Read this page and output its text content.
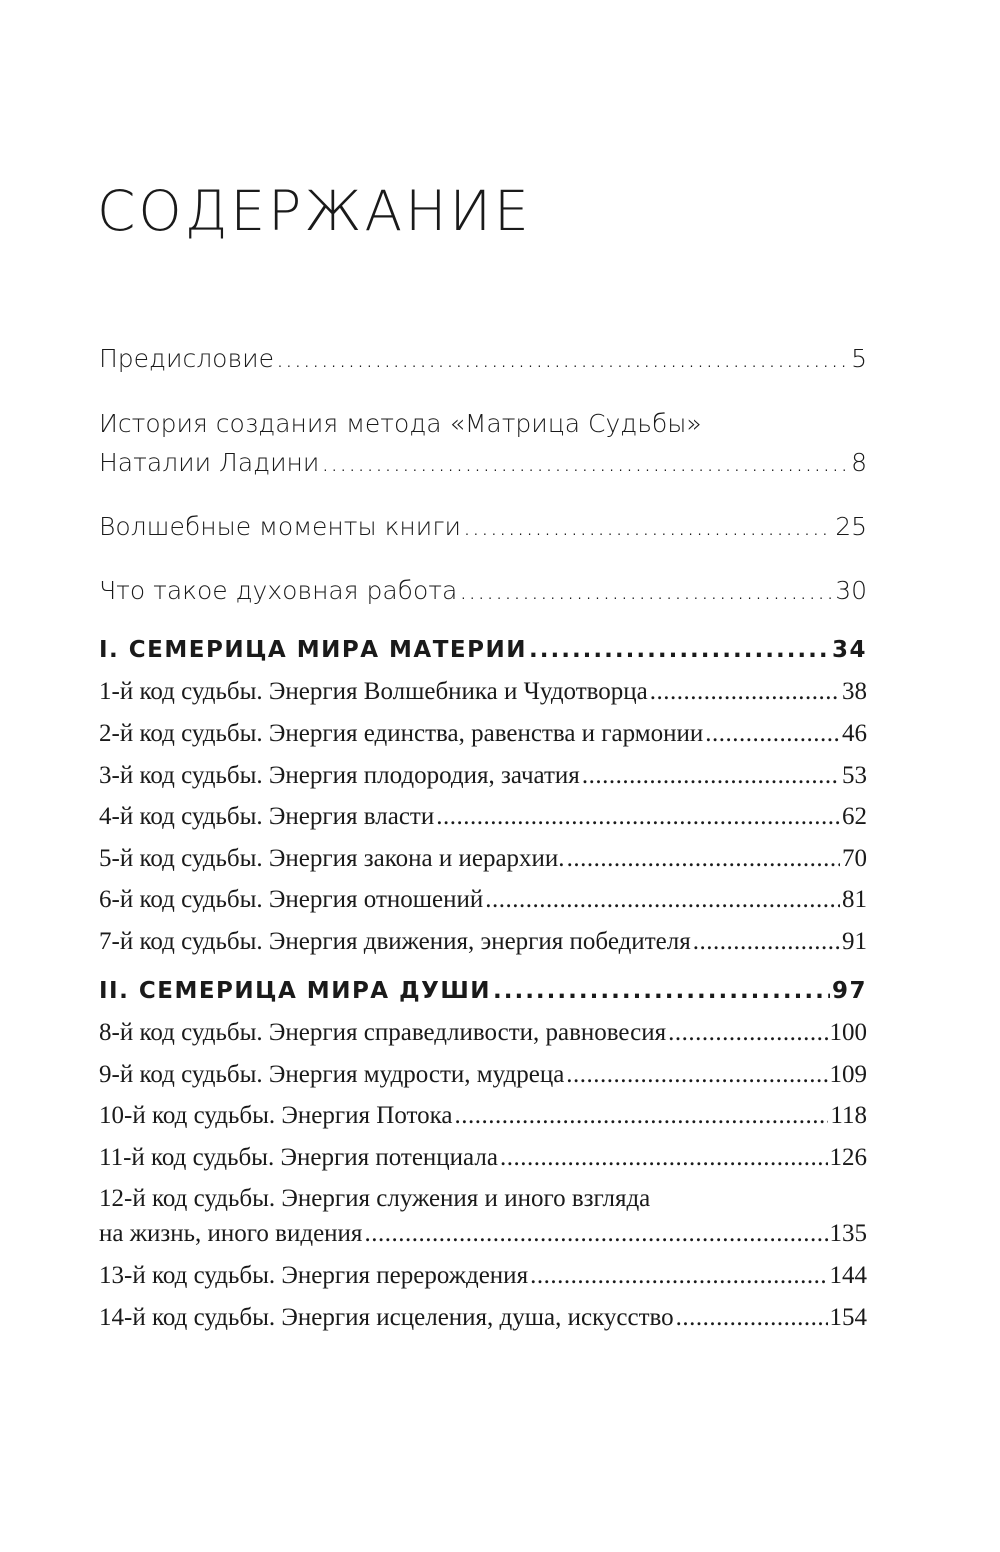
СОДЕРЖАНИЕ
Предисловие .....	5
История создания метода «Матрица Судьбы»
Наталии Ладини .....	8
Волшебные моменты книги .....	25
Что такое духовная работа .....	30
I. СЕМЕРИЦА МИРА МАТЕРИИ .....	34
1-й код судьбы. Энергия Волшебника и Чудотворца .....	38
2-й код судьбы. Энергия единства, равенства и гармонии .....	46
3-й код судьбы. Энергия плодородия, зачатия .....	53
4-й код судьбы. Энергия власти .....	62
5-й код судьбы. Энергия закона и иерархии. .....	70
6-й код судьбы. Энергия отношений .....	81
7-й код судьбы. Энергия движения, энергия победителя .....	91
II. СЕМЕРИЦА МИРА ДУШИ .....	97
8-й код судьбы. Энергия справедливости, равновесия .....	100
9-й код судьбы. Энергия мудрости, мудреца .....	109
10-й код судьбы. Энергия Потока .....	118
11-й код судьбы. Энергия потенциала .....	126
12-й код судьбы. Энергия служения и иного взгляда
на жизнь, иного видения .....	135
13-й код судьбы. Энергия перерождения .....	144
14-й код судьбы. Энергия исцеления, душа, искусство .....	154
